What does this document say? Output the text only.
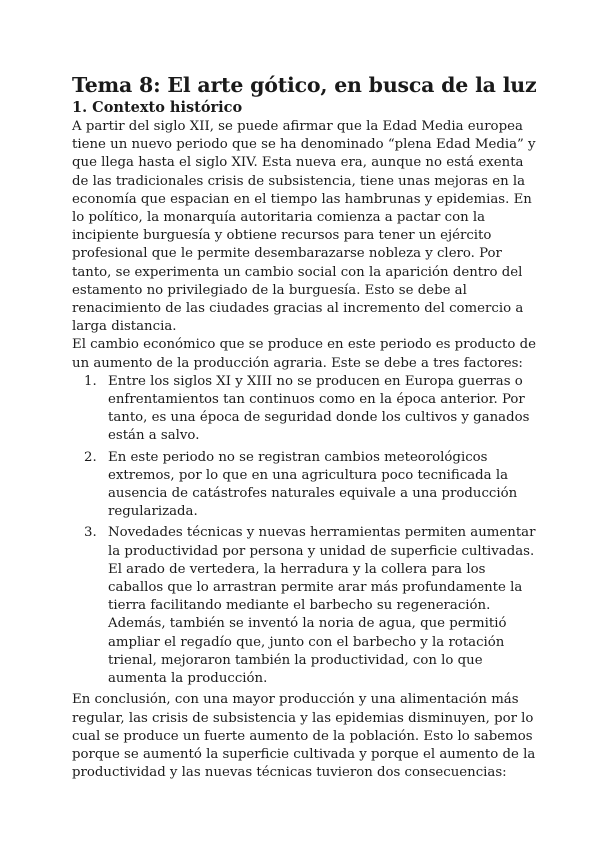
Tema 8: El arte gótico, en busca de la luz
1. Contexto histórico

A partir del siglo XII, se puede afirmar que la Edad Media europea tiene un nuevo periodo que se ha denominado “plena Edad Media” y que llega hasta el siglo XIV. Esta nueva era, aunque no está exenta de las tradicionales crisis de subsistencia, tiene unas mejoras en la economía que espacian en el tiempo las hambrunas y epidemias. En lo político, la monarquía autoritaria comienza a pactar con la incipiente burguesía y obtiene recursos para tener un ejército profesional que le permite desembarazarse nobleza y clero. Por tanto, se experimenta un cambio social con la aparición dentro del estamento no privilegiado de la burguesía. Esto se debe al renacimiento de las ciudades gracias al incremento del comercio a larga distancia.

El cambio económico que se produce en este periodo es producto de un aumento de la producción agraria. Este se debe a tres factores:

1. Entre los siglos XI y XIII no se producen en Europa guerras o enfrentamientos tan continuos como en la época anterior. Por tanto, es una época de seguridad donde los cultivos y ganados están a salvo.
2. En este periodo no se registran cambios meteorológicos extremos, por lo que en una agricultura poco tecnificada la ausencia de catástrofes naturales equivale a una producción regularizada.
3. Novedades técnicas y nuevas herramientas permiten aumentar la productividad por persona y unidad de superficie cultivadas. El arado de vertedera, la herradura y la collera para los caballos que lo arrastran permite arar más profundamente la tierra facilitando mediante el barbecho su regeneración. Además, también se inventó la noria de agua, que permitió ampliar el regadío que, junto con el barbecho y la rotación trienal, mejoraron también la productividad, con lo que aumenta la producción.

En conclusión, con una mayor producción y una alimentación más regular, las crisis de subsistencia y las epidemias disminuyen, por lo cual se produce un fuerte aumento de la población. Esto lo sabemos porque se aumentó la superficie cultivada y porque el aumento de la productividad y las nuevas técnicas tuvieron dos consecuencias:
